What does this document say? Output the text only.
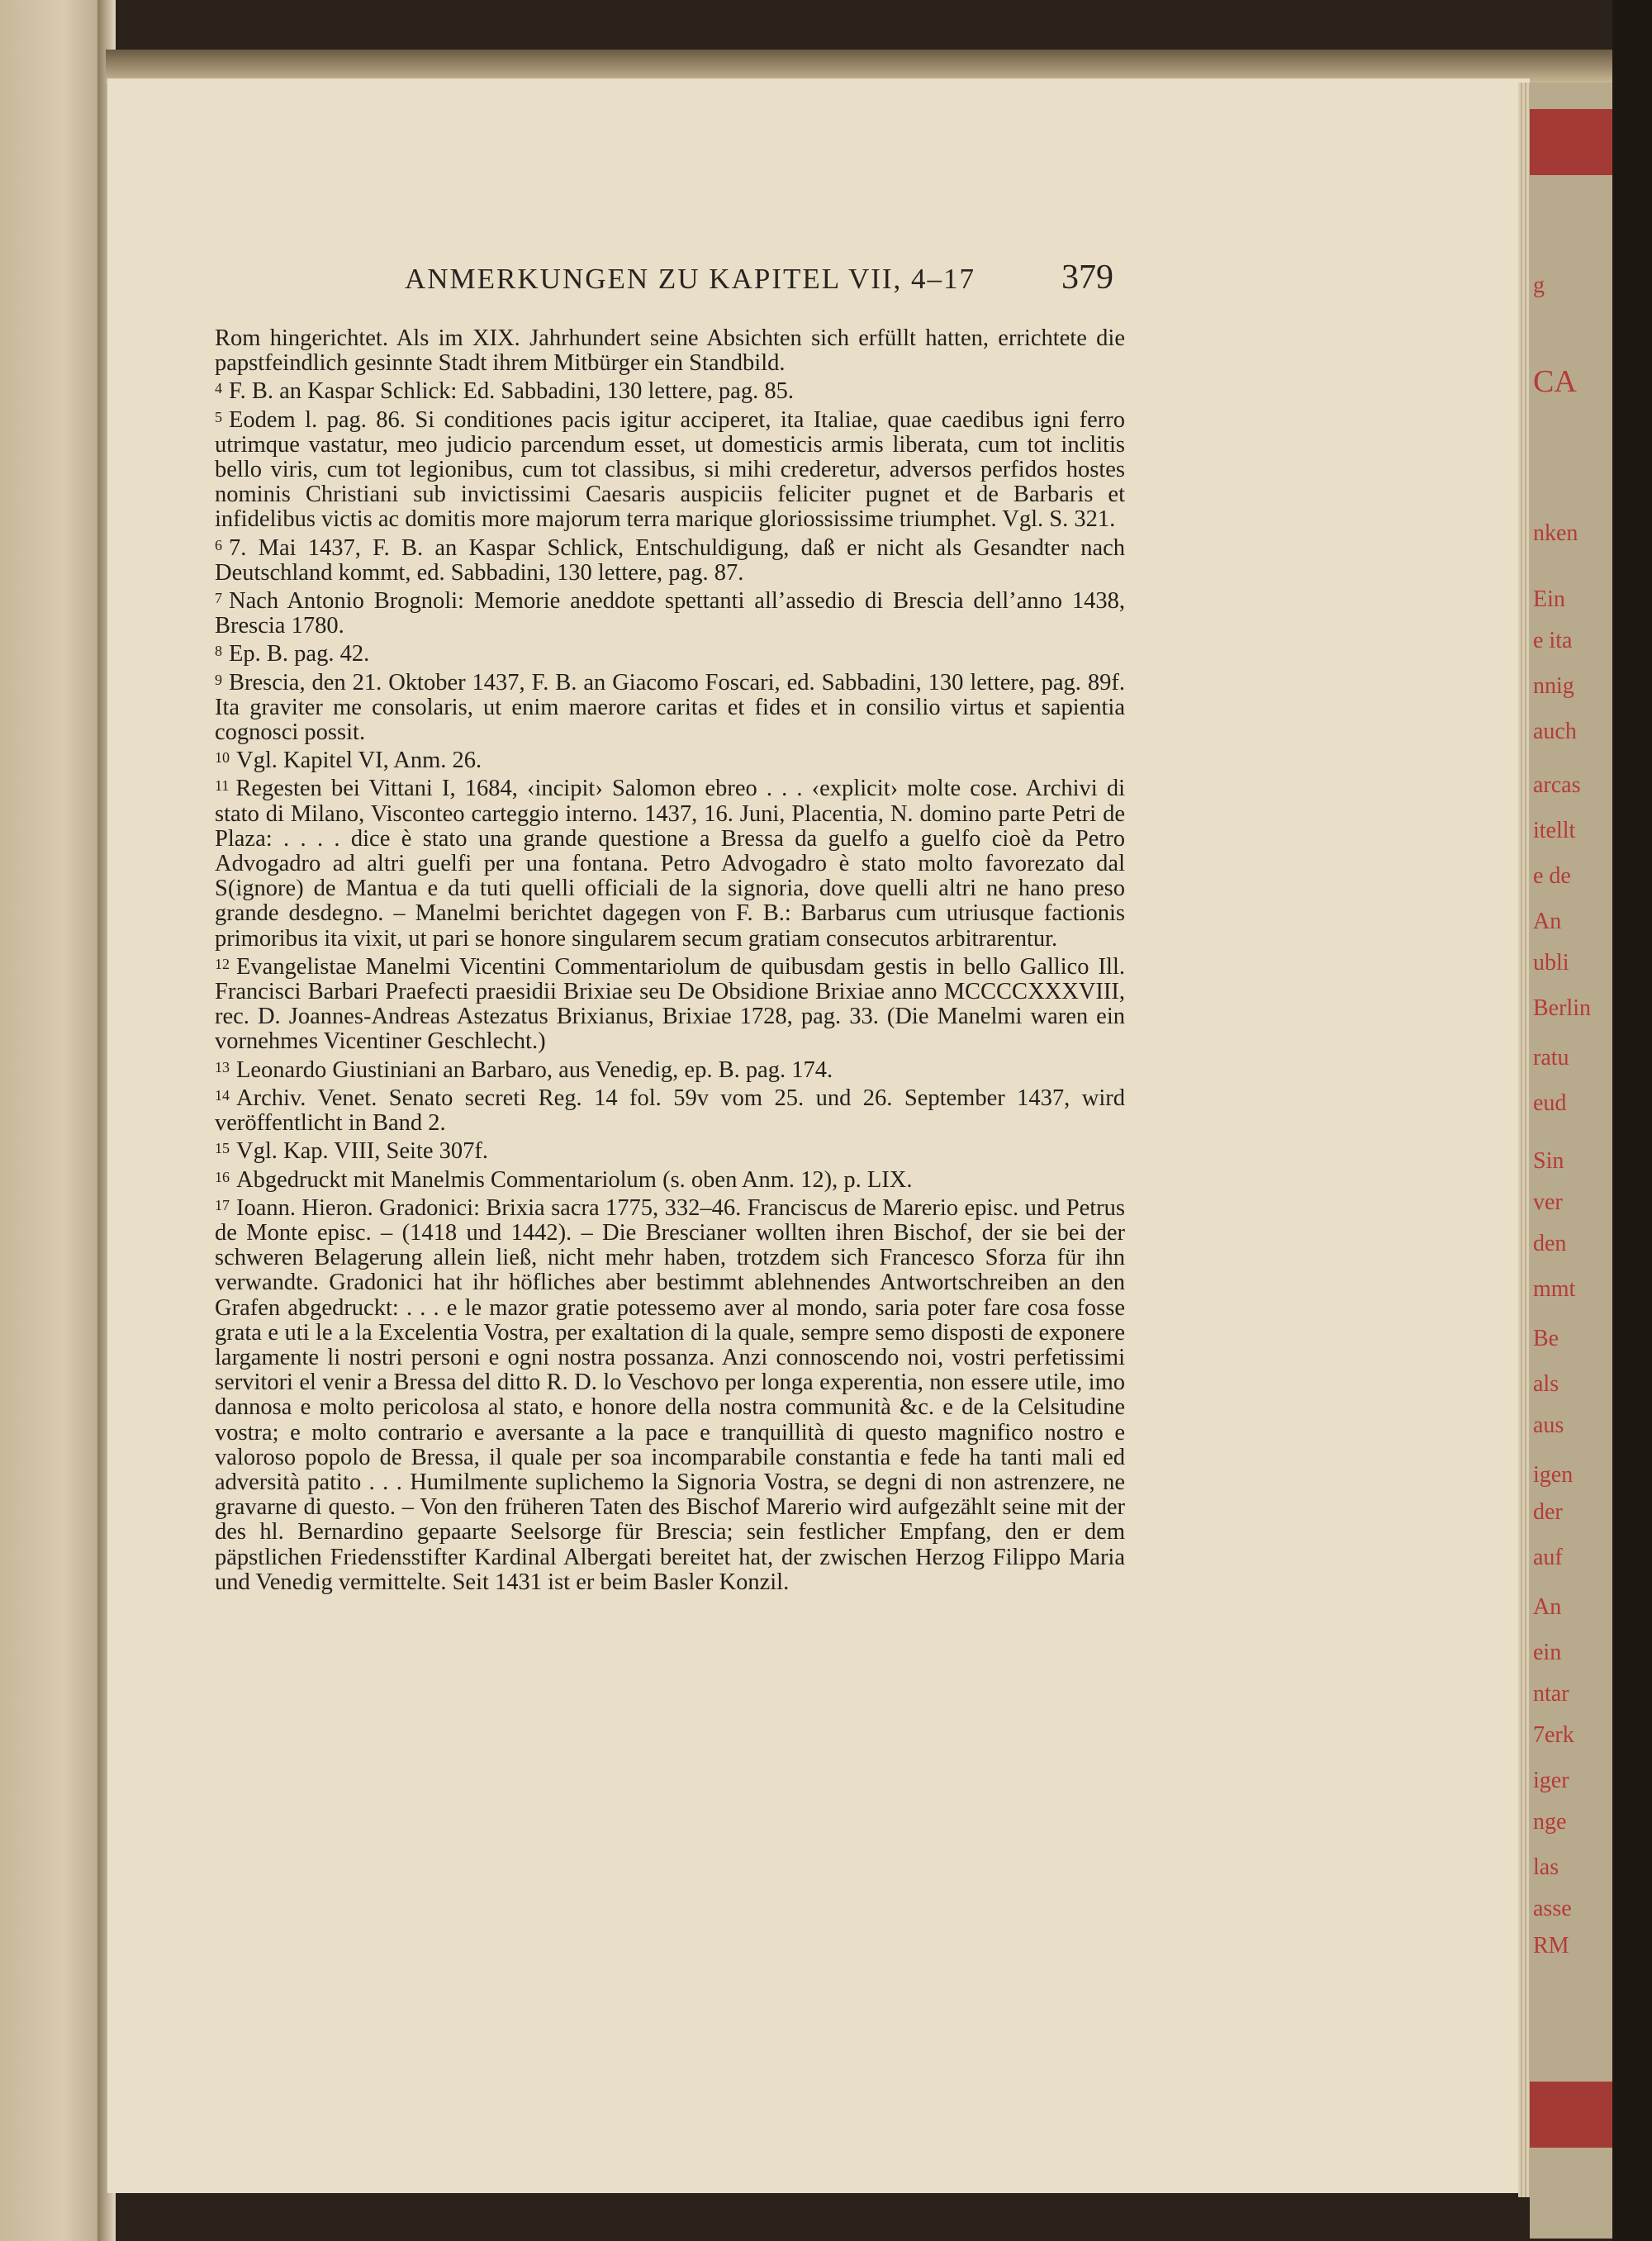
g
CA
nken
Ein
e ita
nnig
auch
arcas
itellt
e de
An
ubli
Berlin
ratu
eud
Sin
ver
den
mmt
Be
als
aus
igen
der
auf
An
ein
ntar
7erk
iger
nge
las
asse
RM
ANMERKUNGEN ZU KAPITEL VII, 4–17 379

Rom hingerichtet. Als im XIX. Jahrhundert seine Absichten sich erfüllt hatten, errichtete die papstfeindlich gesinnte Stadt ihrem Mitbürger ein Standbild.

$^4$ F. B. an Kaspar Schlick: Ed. Sabbadini, 130 lettere, pag. 85.

$^5$ Eodem l. pag. 86. Si conditiones pacis igitur acciperet, ita Italiae, quae caedibus igni ferro utrimque vastatur, meo judicio parcendum esset, ut domesticis armis liberata, cum tot inclitis bello viris, cum tot legionibus, cum tot classibus, si mihi crederetur, adversos perfidos hostes nominis Christiani sub invictissimi Caesaris auspiciis feliciter pugnet et de Barbaris et infidelibus victis ac domitis more majorum terra marique gloriossissime triumphet. Vgl. S. 321.

$^6$ 7. Mai 1437, F. B. an Kaspar Schlick, Entschuldigung, daß er nicht als Gesandter nach Deutschland kommt, ed. Sabbadini, 130 lettere, pag. 87.

$^7$ Nach Antonio Brognoli: Memorie aneddote spettanti all’assedio di Brescia dell’anno 1438, Brescia 1780.

$^8$ Ep. B. pag. 42.

$^9$ Brescia, den 21. Oktober 1437, F. B. an Giacomo Foscari, ed. Sabbadini, 130 lettere, pag. 89f. Ita graviter me consolaris, ut enim maerore caritas et fides et in consilio virtus et sapientia cognosci possit.

$^{10}$ Vgl. Kapitel VI, Anm. 26.

$^{11}$ Regesten bei Vittani I, 1684, ‹incipit› Salomon ebreo . . . ‹explicit› molte cose. Archivi di stato di Milano, Visconteo carteggio interno. 1437, 16. Juni, Placentia, N. domino parte Petri de Plaza: . . . . dice è stato una grande questione a Bressa da guelfo a guelfo cioè da Petro Advogadro ad altri guelfi per una fontana. Petro Advogadro è stato molto favorezato dal S(ignore) de Mantua e da tuti quelli officiali de la signoria, dove quelli altri ne hano preso grande desdegno. – Manelmi berichtet dagegen von F. B.: Barbarus cum utriusque factionis primoribus ita vixit, ut pari se honore singularem secum gratiam consecutos arbitrarentur.

$^{12}$ Evangelistae Manelmi Vicentini Commentariolum de quibusdam gestis in bello Gallico Ill. Francisci Barbari Praefecti praesidii Brixiae seu De Obsidione Brixiae anno MCCCCXXXVIII, rec. D. Joannes-Andreas Astezatus Brixianus, Brixiae 1728, pag. 33. (Die Manelmi waren ein vornehmes Vicentiner Geschlecht.)

$^{13}$ Leonardo Giustiniani an Barbaro, aus Venedig, ep. B. pag. 174.

$^{14}$ Archiv. Venet. Senato secreti Reg. 14 fol. 59v vom 25. und 26. September 1437, wird veröffentlicht in Band 2.

$^{15}$ Vgl. Kap. VIII, Seite 307f.

$^{16}$ Abgedruckt mit Manelmis Commentariolum (s. oben Anm. 12), p. LIX.

$^{17}$ Ioann. Hieron. Gradonici: Brixia sacra 1775, 332–46. Franciscus de Marerio episc. und Petrus de Monte episc. – (1418 und 1442). – Die Brescianer wollten ihren Bischof, der sie bei der schweren Belagerung allein ließ, nicht mehr haben, trotzdem sich Francesco Sforza für ihn verwandte. Gradonici hat ihr höfliches aber bestimmt ablehnendes Antwortschreiben an den Grafen abgedruckt: . . . e le mazor gratie potessemo aver al mondo, saria poter fare cosa fosse grata e uti le a la Excelentia Vostra, per exaltation di la quale, sempre semo disposti de exponere largamente li nostri personi e ogni nostra possanza. Anzi connoscendo noi, vostri perfetissimi servitori el venir a Bressa del ditto R. D. lo Veschovo per longa experentia, non essere utile, imo dannosa e molto pericolosa al stato, e honore della nostra communità &c. e de la Celsitudine vostra; e molto contrario e aversante a la pace e tranquillità di questo magnifico nostro e valoroso popolo de Bressa, il quale per soa incomparabile constantia e fede ha tanti mali ed adversità patito . . . Humilmente suplichemo la Signoria Vostra, se degni di non astrenzere, ne gravarne di questo. – Von den früheren Taten des Bischof Marerio wird aufgezählt seine mit der des hl. Bernardino gepaarte Seelsorge für Brescia; sein festlicher Empfang, den er dem päpstlichen Friedensstifter Kardinal Albergati bereitet hat, der zwischen Herzog Filippo Maria und Venedig vermittelte. Seit 1431 ist er beim Basler Konzil.
